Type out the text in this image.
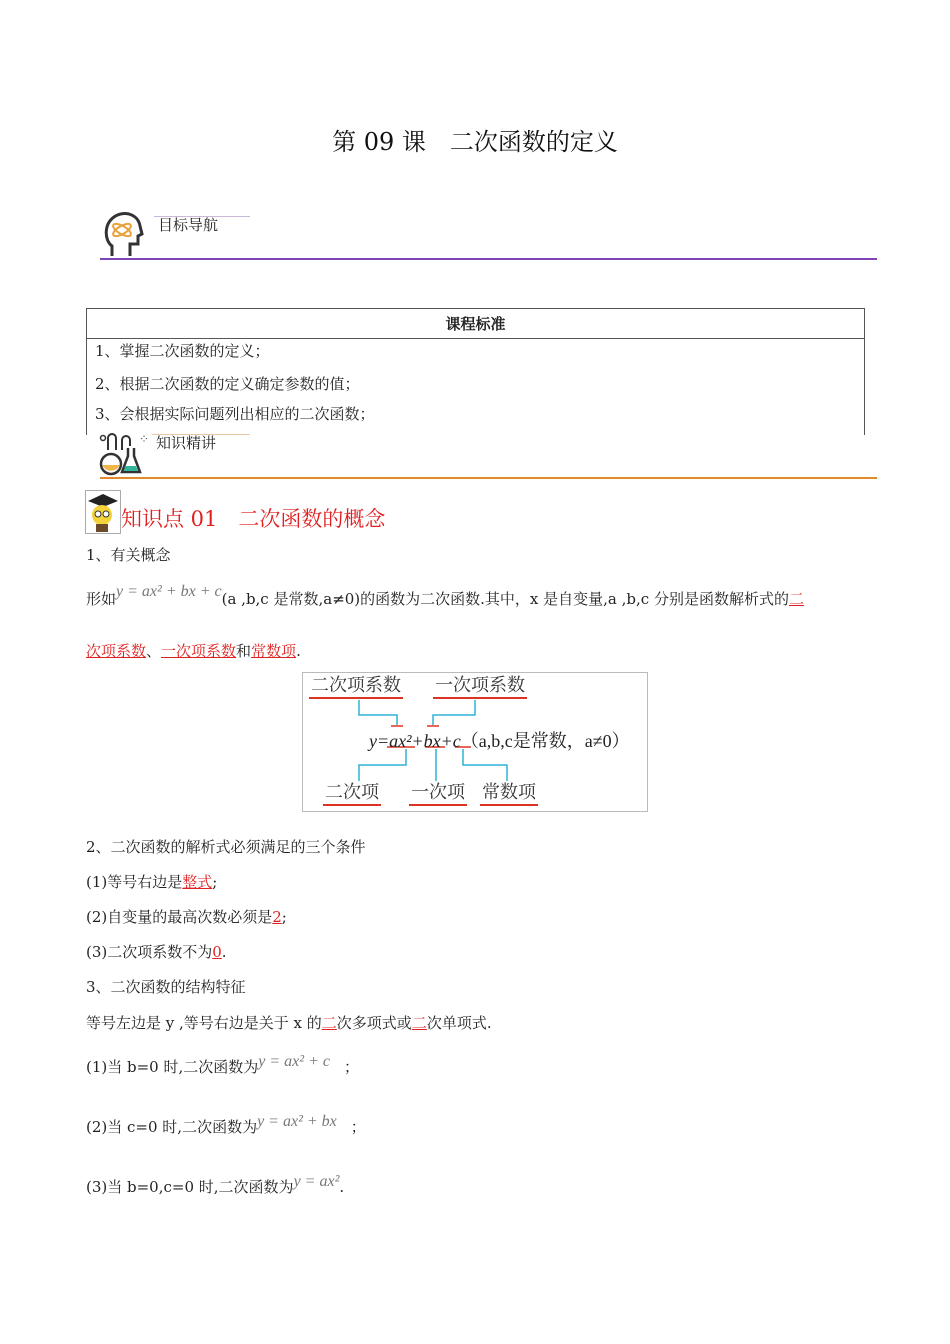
第 09 课　二次函数的定义
目标导航
课程标准

1、掌握二次函数的定义；
2、根据二次函数的定义确定参数的值；
3、会根据实际问题列出相应的二次函数；
⁘ 知识精讲
知识点 01　二次函数的概念
1、有关概念
形如y = ax² + bx + c(a ,b,c 是常数,a≠0)的函数为二次函数.其中，x 是自变量,a ,b,c 分别是函数解析式的二
次项系数、一次项系数和常数项.
二次项系数 一次项系数
y=ax²+bx+c（a,b,c是常数，a≠0）
二次项 一次项 常数项
2、二次函数的解析式必须满足的三个条件
(1)等号右边是整式;
(2)自变量的最高次数必须是2;
(3)二次项系数不为0.
3、二次函数的结构特征
等号左边是 y ,等号右边是关于 x 的二次多项式或二次单项式.
(1)当 b=0 时,二次函数为y = ax² + c ；
(2)当 c=0 时,二次函数为y = ax² + bx ；
(3)当 b=0,c=0 时,二次函数为y = ax².
